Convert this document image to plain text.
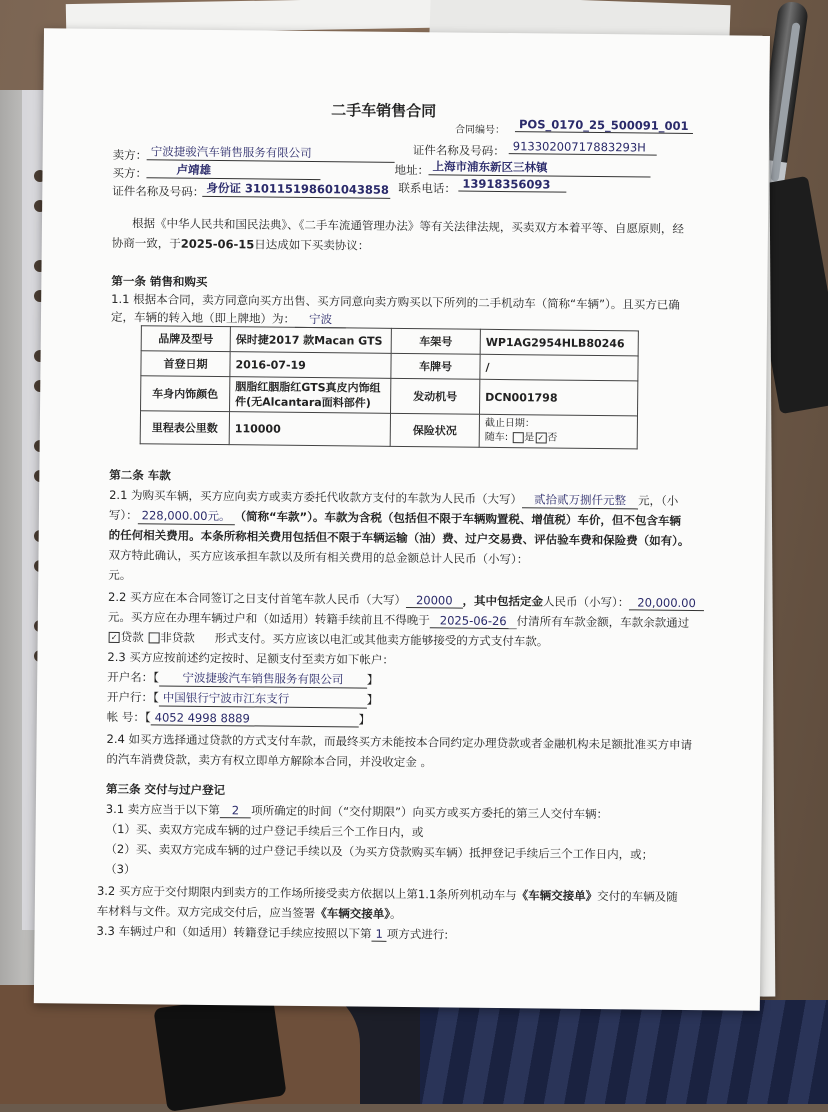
二手车销售合同
合同编号：	POS_0170_25_500091_001
卖方： 宁波捷骏汽车销售服务有限公司	证件名称及号码： 91330200717883293H
买方：	卢靖雄	地址： 上海市浦东新区三林镇
证件名称及号码： 身份证 310115198601043858 联系电话： 13918356093
根据《中华人民共和国民法典》、《二手车流通管理办法》等有关法律法规，买卖双方本着平等、自愿原则，经
协商一致，于2025-06-15日达成如下买卖协议：
第一条 销售和购买
1.1 根据本合同，卖方同意向买方出售、买方同意向卖方购买以下所列的二手机动车（简称“车辆”）。且买方已确
定，车辆的转入地（即上牌地）为： 宁波
品牌及型号	保时捷2017 款Macan GTS	车架号	WP1AG2954HLB80246
首登日期	2016-07-19	车牌号	/
车身内饰颜色	胭脂红胭脂红GTS真皮内饰组
件(无Alcantara面料部件)	发动机号	DCN001798
里程表公里数	110000	保险状况	截止日期：
随车: 是 ✓ 否
第二条 车款
2.1 为购买车辆，买方应向卖方或卖方委托代收款方支付的车款为人民币（大写） 贰拾贰万捌仟元整 元，（小
写）： 228,000.00元。 （简称“车款”）。车款为含税（包括但不限于车辆购置税、增值税）车价，但不包含车辆
的任何相关费用。本条所称相关费用包括但不限于车辆运输（油）费、过户交易费、评估验车费和保险费（如有）。
双方特此确认，买方应该承担车款以及所有相关费用的总金额总计人民币（小写）：
元。
2.2 买方应在本合同签订之日支付首笔车款人民币（大写） 20000 ，其中包括定金人民币（小写）： 20,000.00
元。买方应在办理车辆过户和（如适用）转籍手续前且不得晚于 2025-06-26 付清所有车款金额，车款余款通过
✓ 贷款 非贷款 形式支付。买方应该以电汇或其他卖方能够接受的方式支付车款。
2.3 买方应按前述约定按时、足额支付至卖方如下帐户：
开户名：【 宁波捷骏汽车销售服务有限公司 】
开户行：【 中国银行宁波市江东支行	】
帐 号：【 4052 4998 8889	】
2.4 如买方选择通过贷款的方式支付车款，而最终买方未能按本合同约定办理贷款或者金融机构未足额批准买方申请
的汽车消费贷款，卖方有权立即单方解除本合同，并没收定金 。
第三条 交付与过户登记
3.1 卖方应当于以下第 2 项所确定的时间（“交付期限”）向买方或买方委托的第三人交付车辆：
（1）买、卖双方完成车辆的过户登记手续后三个工作日内，或
（2）买、卖双方完成车辆的过户登记手续以及（为买方贷款购买车辆）抵押登记手续后三个工作日内，或；
（3）
3.2 买方应于交付期限内到卖方的工作场所接受卖方依据以上第1.1条所列机动车与《车辆交接单》交付的车辆及随
车材料与文件。双方完成交付后，应当签署《车辆交接单》。
3.3 车辆过户和（如适用）转籍登记手续应按照以下第 1 项方式进行:
